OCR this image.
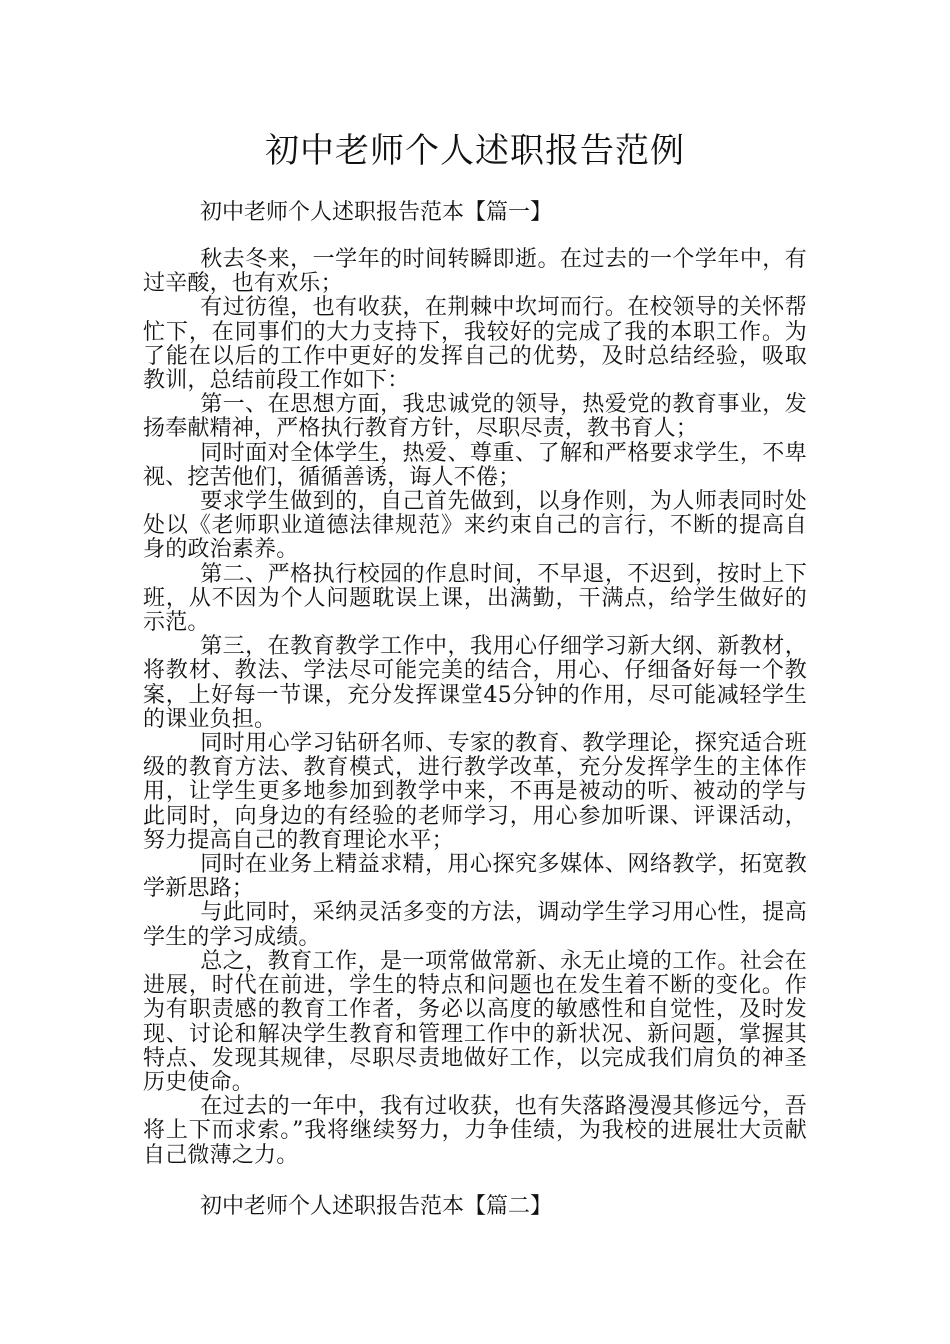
初中老师个人述职报告范例
初中老师个人述职报告范本【篇一】

秋去冬来，一学年的时间转瞬即逝。在过去的一个学年中，有过辛酸，也有欢乐；

有过彷徨，也有收获，在荆棘中坎坷而行。在校领导的关怀帮忙下，在同事们的大力支持下，我较好的完成了我的本职工作。为了能在以后的工作中更好的发挥自己的优势，及时总结经验，吸取教训，总结前段工作如下：

第一、在思想方面，我忠诚党的领导，热爱党的教育事业，发扬奉献精神，严格执行教育方针，尽职尽责，教书育人；

同时面对全体学生，热爱、尊重、了解和严格要求学生，不卑视、挖苦他们，循循善诱，诲人不倦；

要求学生做到的，自己首先做到，以身作则，为人师表同时处处以《老师职业道德法律规范》来约束自己的言行，不断的提高自身的政治素养。

第二、严格执行校园的作息时间，不早退，不迟到，按时上下班，从不因为个人问题耽误上课，出满勤，干满点，给学生做好的示范。

第三，在教育教学工作中，我用心仔细学习新大纲、新教材，将教材、教法、学法尽可能完美的结合，用心、仔细备好每一个教案，上好每一节课，充分发挥课堂45分钟的作用，尽可能减轻学生的课业负担。

同时用心学习钻研名师、专家的教育、教学理论，探究适合班级的教育方法、教育模式，进行教学改革，充分发挥学生的主体作用，让学生更多地参加到教学中来，不再是被动的听、被动的学与此同时，向身边的有经验的老师学习，用心参加听课、评课活动，努力提高自己的教育理论水平；

同时在业务上精益求精，用心探究多媒体、网络教学，拓宽教学新思路；

与此同时，采纳灵活多变的方法，调动学生学习用心性，提高学生的学习成绩。

总之，教育工作，是一项常做常新、永无止境的工作。社会在进展，时代在前进，学生的特点和问题也在发生着不断的变化。作为有职责感的教育工作者，务必以高度的敏感性和自觉性，及时发现、讨论和解决学生教育和管理工作中的新状况、新问题，掌握其特点、发现其规律，尽职尽责地做好工作，以完成我们肩负的神圣历史使命。

在过去的一年中，我有过收获，也有失落路漫漫其修远兮，吾将上下而求索。”我将继续努力，力争佳绩，为我校的进展壮大贡献自己微薄之力。

初中老师个人述职报告范本【篇二】
